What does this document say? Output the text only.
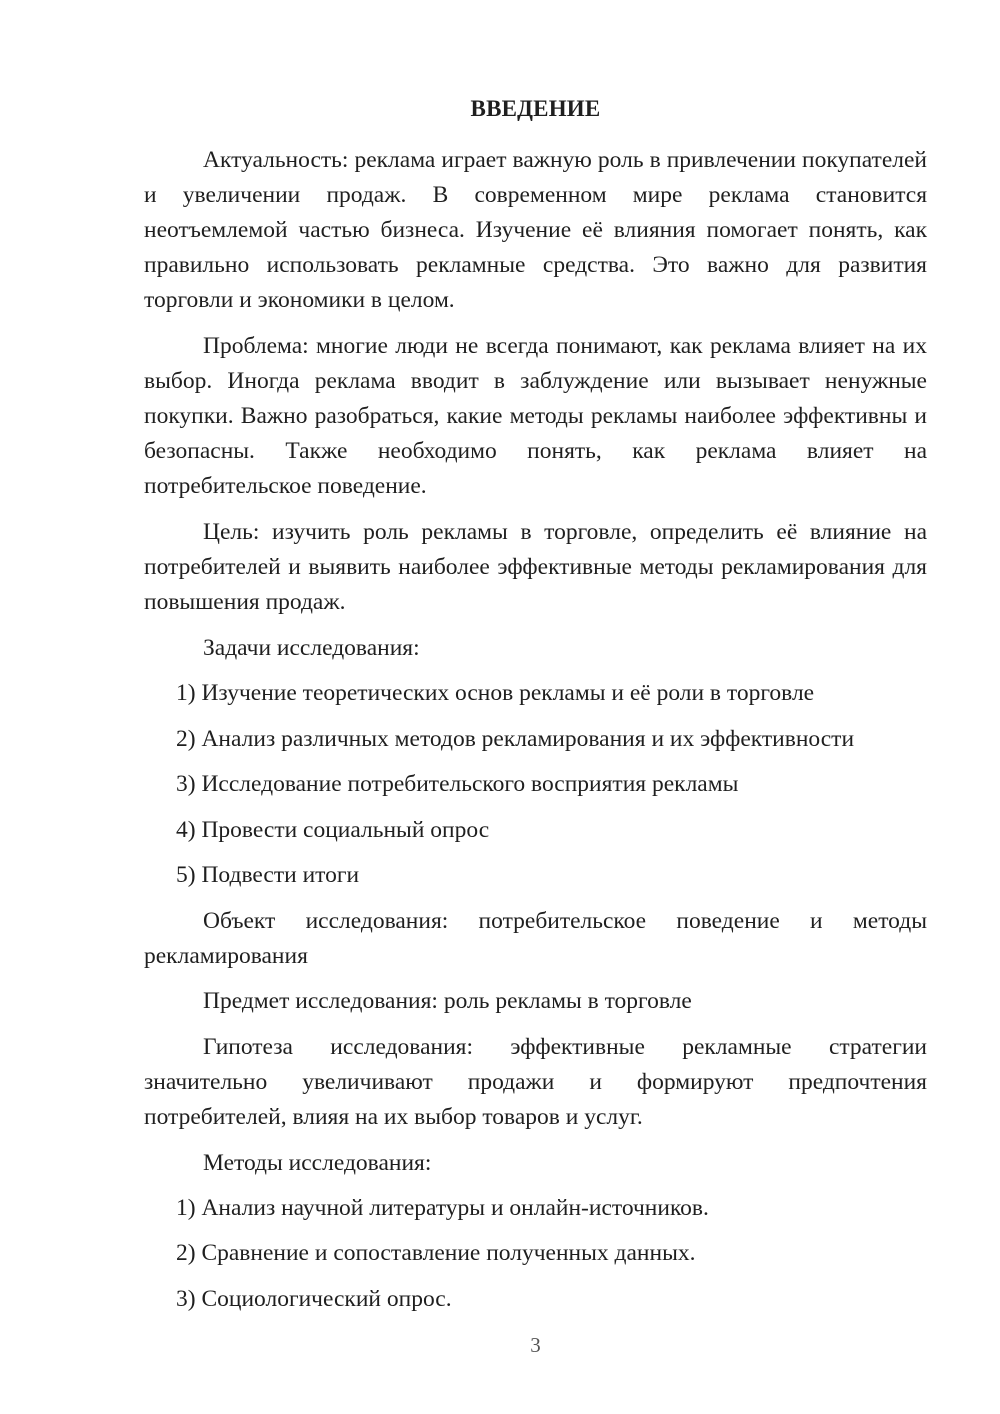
ВВЕДЕНИЕ

Актуальность: реклама играет важную роль в привлечении покупателей и увеличении продаж. В современном мире реклама становится неотъемлемой частью бизнеса. Изучение её влияния помогает понять, как правильно использовать рекламные средства. Это важно для развития торговли и экономики в целом.

Проблема: многие люди не всегда понимают, как реклама влияет на их выбор. Иногда реклама вводит в заблуждение или вызывает ненужные покупки. Важно разобраться, какие методы рекламы наиболее эффективны и безопасны. Также необходимо понять, как реклама влияет на потребительское поведение.

Цель: изучить роль рекламы в торговле, определить её влияние на потребителей и выявить наиболее эффективные методы рекламирования для повышения продаж.

Задачи исследования:
1) Изучение теоретических основ рекламы и её роли в торговле
2) Анализ различных методов рекламирования и их эффективности
3) Исследование потребительского восприятия рекламы
4) Провести социальный опрос
5) Подвести итоги

Объект исследования: потребительское поведение и методы рекламирования

Предмет исследования: роль рекламы в торговле

Гипотеза исследования: эффективные рекламные стратегии значительно увеличивают продажи и формируют предпочтения потребителей, влияя на их выбор товаров и услуг.

Методы исследования:
1) Анализ научной литературы и онлайн-источников.
2) Сравнение и сопоставление полученных данных.
3) Социологический опрос.
3
